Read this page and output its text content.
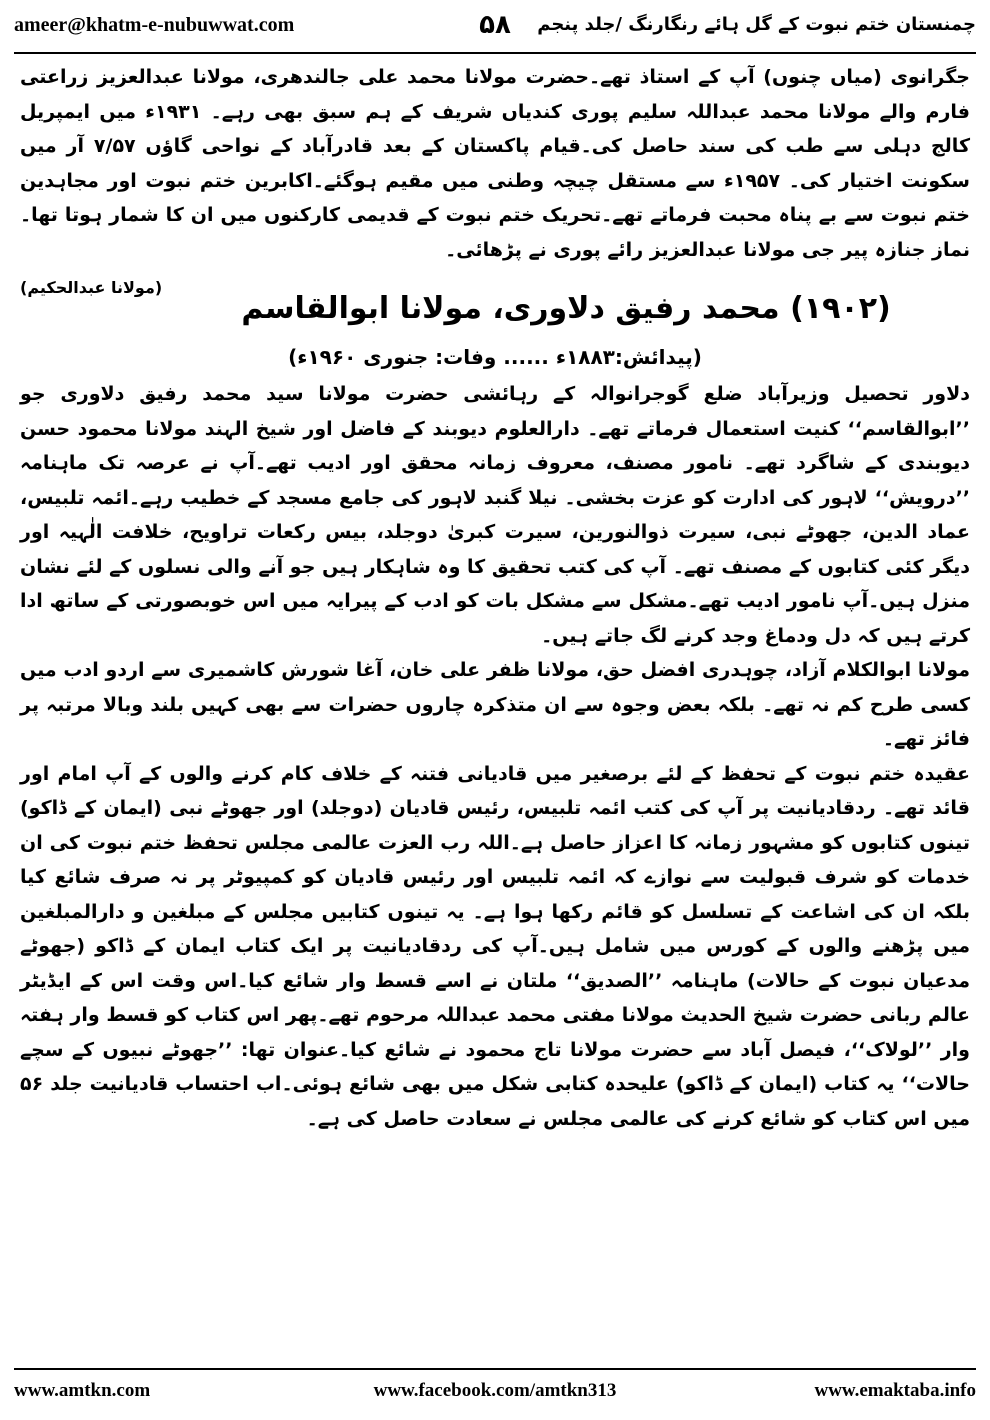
ameer@khatm-e-nubuwwat.com	۵۸	چمنستان ختم نبوت کے گل ہائے رنگارنگ /جلد پنجم

جگرانوی (میاں چنوں) آپ کے استاذ تھے۔حضرت مولانا محمد علی جالندھری، مولانا عبدالعزیز زراعتی فارم والے مولانا محمد عبداللہ سلیم پوری کندیاں شریف کے ہم سبق بھی رہے۔ ۱۹۳۱ء میں ایمپریل کالج دہلی سے طب کی سند حاصل کی۔قیام پاکستان کے بعد قادرآباد کے نواحی گاؤں ۷/۵۷ آر میں سکونت اختیار کی۔ ۱۹۵۷ء سے مستقل چیچہ وطنی میں مقیم ہوگئے۔اکابرین ختم نبوت اور مجاہدین ختم نبوت سے بے پناہ محبت فرماتے تھے۔تحریک ختم نبوت کے قدیمی کارکنوں میں ان کا شمار ہوتا تھا۔نماز جنازہ پیر جی مولانا عبدالعزیز رائے پوری نے پڑھائی۔

(مولانا عبدالحکیم)
(۱۹۰۲) محمد رفیق دلاوری، مولانا ابوالقاسم
(پیدائش:۱۸۸۳ء ...... وفات: جنوری ۱۹۶۰ء)

دلاور تحصیل وزیرآباد ضلع گوجرانوالہ کے رہائشی حضرت مولانا سید محمد رفیق دلاوری جو ’’ابوالقاسم‘‘ کنیت استعمال فرماتے تھے۔ دارالعلوم دیوبند کے فاضل اور شیخ الہند مولانا محمود حسن دیوبندی کے شاگرد تھے۔ نامور مصنف، معروف زمانہ محقق اور ادیب تھے۔آپ نے عرصہ تک ماہنامہ ’’درویش‘‘ لاہور کی ادارت کو عزت بخشی۔ نیلا گنبد لاہور کی جامع مسجد کے خطیب رہے۔ائمہ تلبیس، عماد الدین، جھوٹے نبی، سیرت ذوالنورین، سیرت کبریٰ دوجلد، بیس رکعات تراویح، خلافت الٰہیہ اور دیگر کئی کتابوں کے مصنف تھے۔ آپ کی کتب تحقیق کا وہ شاہکار ہیں جو آنے والی نسلوں کے لئے نشان منزل ہیں۔آپ نامور ادیب تھے۔مشکل سے مشکل بات کو ادب کے پیرایہ میں اس خوبصورتی کے ساتھ ادا کرتے ہیں کہ دل ودماغ وجد کرنے لگ جاتے ہیں۔

مولانا ابوالکلام آزاد، چوہدری افضل حق، مولانا ظفر علی خان، آغا شورش کاشمیری سے اردو ادب میں کسی طرح کم نہ تھے۔ بلکہ بعض وجوہ سے ان متذکرہ چاروں حضرات سے بھی کہیں بلند وبالا مرتبہ پر فائز تھے۔

عقیدہ ختم نبوت کے تحفظ کے لئے برصغیر میں قادیانی فتنہ کے خلاف کام کرنے والوں کے آپ امام اور قائد تھے۔ ردقادیانیت پر آپ کی کتب ائمہ تلبیس، رئیس قادیان (دوجلد) اور جھوٹے نبی (ایمان کے ڈاکو) تینوں کتابوں کو مشہور زمانہ کا اعزاز حاصل ہے۔اللہ رب العزت عالمی مجلس تحفظ ختم نبوت کی ان خدمات کو شرف قبولیت سے نوازے کہ ائمہ تلبیس اور رئیس قادیان کو کمپیوٹر پر نہ صرف شائع کیا بلکہ ان کی اشاعت کے تسلسل کو قائم رکھا ہوا ہے۔ یہ تینوں کتابیں مجلس کے مبلغین و دارالمبلغین میں پڑھنے والوں کے کورس میں شامل ہیں۔آپ کی ردقادیانیت پر ایک کتاب ایمان کے ڈاکو (جھوٹے مدعیان نبوت کے حالات) ماہنامہ ’’الصدیق‘‘ ملتان نے اسے قسط وار شائع کیا۔اس وقت اس کے ایڈیٹر عالم ربانی حضرت شیخ الحدیث مولانا مفتی محمد عبداللہ مرحوم تھے۔پھر اس کتاب کو قسط وار ہفتہ وار ’’لولاک‘‘، فیصل آباد سے حضرت مولانا تاج محمود نے شائع کیا۔عنوان تھا: ’’جھوٹے نبیوں کے سچے حالات‘‘ یہ کتاب (ایمان کے ڈاکو) علیحدہ کتابی شکل میں بھی شائع ہوئی۔اب احتساب قادیانیت جلد ۵۶ میں اس کتاب کو شائع کرنے کی عالمی مجلس نے سعادت حاصل کی ہے۔

www.amtkn.com	www.facebook.com/amtkn313	www.emaktaba.info
